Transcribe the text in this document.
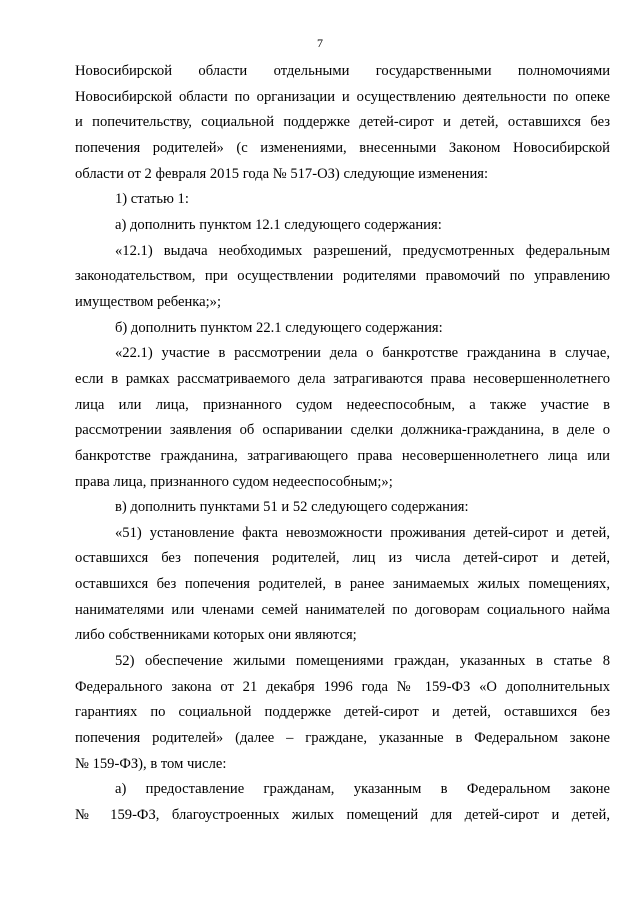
7

Новосибирской области отдельными государственными полномочиями

Новосибирской области по организации и осуществлению деятельности по опеке

и попечительству, социальной поддержке детей-сирот и детей, оставшихся без

попечения родителей» (с изменениями, внесенными Законом Новосибирской

области от 2 февраля 2015 года № 517-ОЗ) следующие изменения:

1) статью 1:

а) дополнить пунктом 12.1 следующего содержания:

«12.1) выдача необходимых разрешений, предусмотренных федеральным

законодательством, при осуществлении родителями правомочий по управлению

имуществом ребенка;»;

б) дополнить пунктом 22.1 следующего содержания:

«22.1) участие в рассмотрении дела о банкротстве гражданина в случае,

если в рамках рассматриваемого дела затрагиваются права несовершеннолетнего

лица или лица, признанного судом недееспособным, а также участие в

рассмотрении заявления об оспаривании сделки должника-гражданина, в деле о

банкротстве гражданина, затрагивающего права несовершеннолетнего лица или

права лица, признанного судом недееспособным;»;

в) дополнить пунктами 51 и 52 следующего содержания:

«51) установление факта невозможности проживания детей-сирот и детей,

оставшихся без попечения родителей, лиц из числа детей-сирот и детей,

оставшихся без попечения родителей, в ранее занимаемых жилых помещениях,

нанимателями или членами семей нанимателей по договорам социального найма

либо собственниками которых они являются;

52) обеспечение жилыми помещениями граждан, указанных в статье 8

Федерального закона от 21 декабря 1996 года № 159-ФЗ «О дополнительных

гарантиях по социальной поддержке детей-сирот и детей, оставшихся без

попечения родителей» (далее – граждане, указанные в Федеральном законе

№ 159-ФЗ), в том числе:

а) предоставление гражданам, указанным в Федеральном законе

№ 159-ФЗ, благоустроенных жилых помещений для детей-сирот и детей,
